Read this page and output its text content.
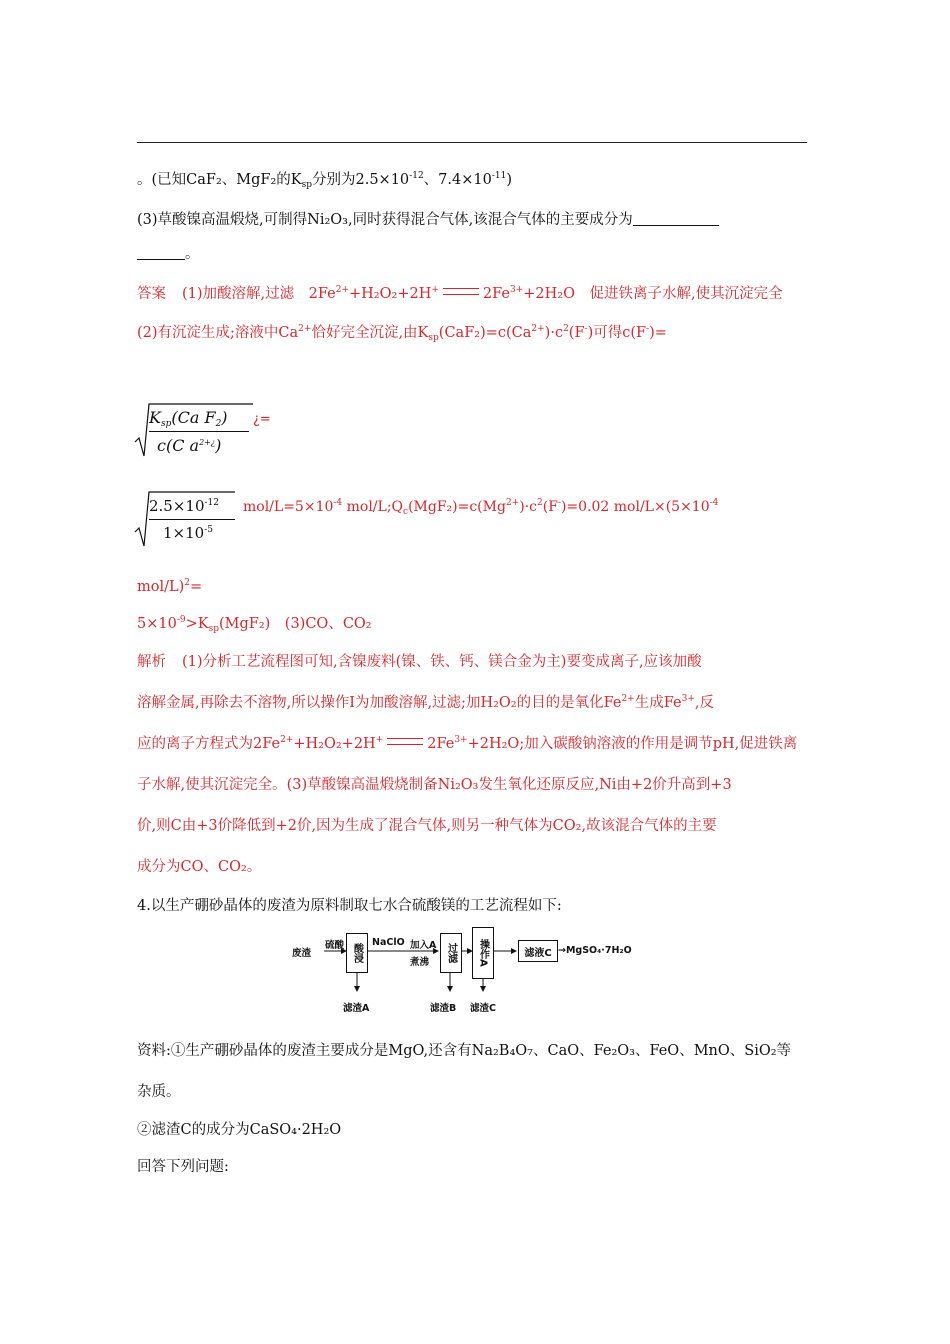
。(已知CaF₂、MgF₂的$K_{sp}$分别为$2.5\times 10^{-12}$、$7.4\times 10^{-11}$)
(3)草酸镍高温煅烧,可制得Ni₂O₃,同时获得混合气体,该混合气体的主要成分为
。
答案 (1)加酸溶解,过滤　$2Fe^{2+}+H_2O_2+2H^+$	$2Fe^{3+}+2H_2O$　促进铁离子水解,使其沉淀完全
(2)有沉淀生成;溶液中$Ca^{2+}$恰好完全沉淀,由$K_{sp}(CaF_2)=c(Ca^{2+})\cdot c^2(F^-)$可得c(F-)=
$K_{sp}(Ca$ $F_2$)
c(C $a^{2+¿}$)
¿=
$2.5\times 10^{-12}$
$1\times 10^{-5}$
mol/$L=5\times 10^{-4}$ mol/$L;Q_c(MgF_2)=c(Mg^{2+})\cdot c^2(F^-)=0.02$ mol/$L\times(5\times 10^{-4}$
mol/L)$^2$=
$5\times 10^{-9}>K_{sp}(MgF_2)$　(3)CO、CO₂
解析 (1)分析工艺流程图可知,含镍废料(镍、铁、钙、镁合金为主)要变成离子,应该加酸
溶解金属,再除去不溶物,所以操作Ⅰ为加酸溶解,过滤;加H₂O₂的目的是氧化$Fe^{2+}$生成$Fe^{3+}$,反
应的离子方程式为$2Fe^{2+}+H_2O_2+2H^+$	$2Fe^{3+}+2H_2O$;加入碳酸钠溶液的作用是调节pH,促进铁离
子水解,使其沉淀完全。(3)草酸镍高温煅烧制备Ni₂O₃发生氧化还原反应,Ni由+2价升高到+3
价,则C由+3价降低到+2价,因为生成了混合气体,则另一种气体为CO₂,故该混合气体的主要
成分为CO、CO₂。
4.以生产硼砂晶体的废渣为原料制取七水合硫酸镁的工艺流程如下:
废渣
硫酸 酸浸
NaClO 加入A
煮沸 过滤 操作A	滤液C →MgSO₄·7H₂O
滤渣A	滤渣B 滤渣C
资料:①生产硼砂晶体的废渣主要成分是MgO,还含有Na₂B₄O₇、CaO、Fe₂O₃、FeO、MnO、SiO₂等
杂质。
②滤渣C的成分为CaSO₄·2H₂O
回答下列问题:
